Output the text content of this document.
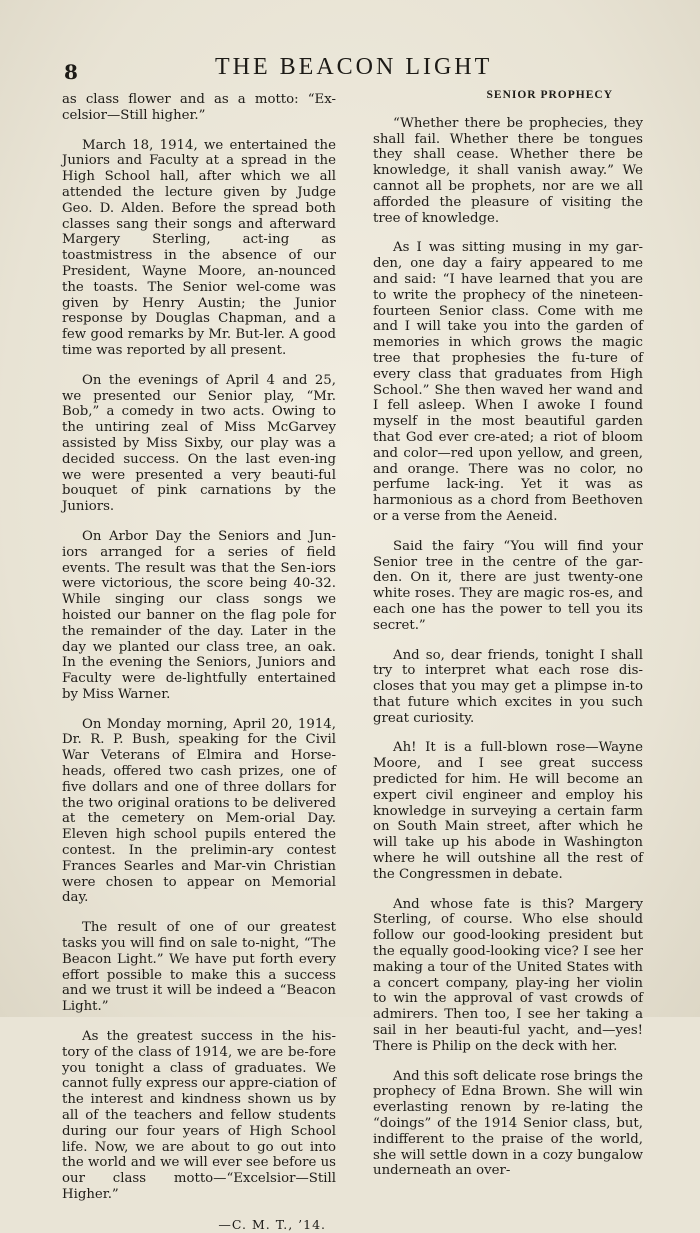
8	THE BEACON LIGHT

as class flower and as a motto: “Ex-celsior—Still higher.”

March 18, 1914, we entertained the Juniors and Faculty at a spread in the High School hall, after which we all attended the lecture given by Judge Geo. D. Alden. Before the spread both classes sang their songs and afterward Margery Sterling, act-ing as toastmistress in the absence of our President, Wayne Moore, an-nounced the toasts. The Senior wel-come was given by Henry Austin; the Junior response by Douglas Chapman, and a few good remarks by Mr. But-ler. A good time was reported by all present.

On the evenings of April 4 and 25, we presented our Senior play, “Mr. Bob,” a comedy in two acts. Owing to the untiring zeal of Miss McGarvey assisted by Miss Sixby, our play was a decided success. On the last even-ing we were presented a very beauti-ful bouquet of pink carnations by the Juniors.

On Arbor Day the Seniors and Jun-iors arranged for a series of field events. The result was that the Sen-iors were victorious, the score being 40-32. While singing our class songs we hoisted our banner on the flag pole for the remainder of the day. Later in the day we planted our class tree, an oak. In the evening the Seniors, Juniors and Faculty were de-lightfully entertained by Miss Warner.

On Monday morning, April 20, 1914, Dr. R. P. Bush, speaking for the Civil War Veterans of Elmira and Horse-heads, offered two cash prizes, one of five dollars and one of three dollars for the two original orations to be delivered at the cemetery on Mem-orial Day. Eleven high school pupils entered the contest. In the prelimin-ary contest Frances Searles and Mar-vin Christian were chosen to appear on Memorial day.

The result of one of our greatest tasks you will find on sale to-night, “The Beacon Light.” We have put forth every effort possible to make this a success and we trust it will be indeed a “Beacon Light.”

As the greatest success in the his-tory of the class of 1914, we are be-fore you tonight a class of graduates. We cannot fully express our appre-ciation of the interest and kindness shown us by all of the teachers and fellow students during our four years of High School life. Now, we are about to go out into the world and we will ever see before us our class motto—“Excelsior—Still Higher.”

—C. M. T., ’14.
SENIOR PROPHECY

“Whether there be prophecies, they shall fail. Whether there be tongues they shall cease. Whether there be knowledge, it shall vanish away.” We cannot all be prophets, nor are we all afforded the pleasure of visiting the tree of knowledge.

As I was sitting musing in my gar-den, one day a fairy appeared to me and said: “I have learned that you are to write the prophecy of the nineteen-fourteen Senior class. Come with me and I will take you into the garden of memories in which grows the magic tree that prophesies the fu-ture of every class that graduates from High School.” She then waved her wand and I fell asleep. When I awoke I found myself in the most beautiful garden that God ever cre-ated; a riot of bloom and color—red upon yellow, and green, and orange. There was no color, no perfume lack-ing. Yet it was as harmonious as a chord from Beethoven or a verse from the Aeneid.

Said the fairy “You will find your Senior tree in the centre of the gar-den. On it, there are just twenty-one white roses. They are magic ros-es, and each one has the power to tell you its secret.”

And so, dear friends, tonight I shall try to interpret what each rose dis-closes that you may get a plimpse in-to that future which excites in you such great curiosity.

Ah! It is a full-blown rose—Wayne Moore, and I see great success predicted for him. He will become an expert civil engineer and employ his knowledge in surveying a certain farm on South Main street, after which he will take up his abode in Washington where he will outshine all the rest of the Congressmen in debate.

And whose fate is this? Margery Sterling, of course. Who else should follow our good-looking president but the equally good-looking vice? I see her making a tour of the United States with a concert company, play-ing her violin to win the approval of vast crowds of admirers. Then too, I see her taking a sail in her beauti-ful yacht, and—yes! There is Philip on the deck with her.

And this soft delicate rose brings the prophecy of Edna Brown. She will win everlasting renown by re-lating the “doings” of the 1914 Senior class, but, indifferent to the praise of the world, she will settle down in a cozy bungalow underneath an over-
